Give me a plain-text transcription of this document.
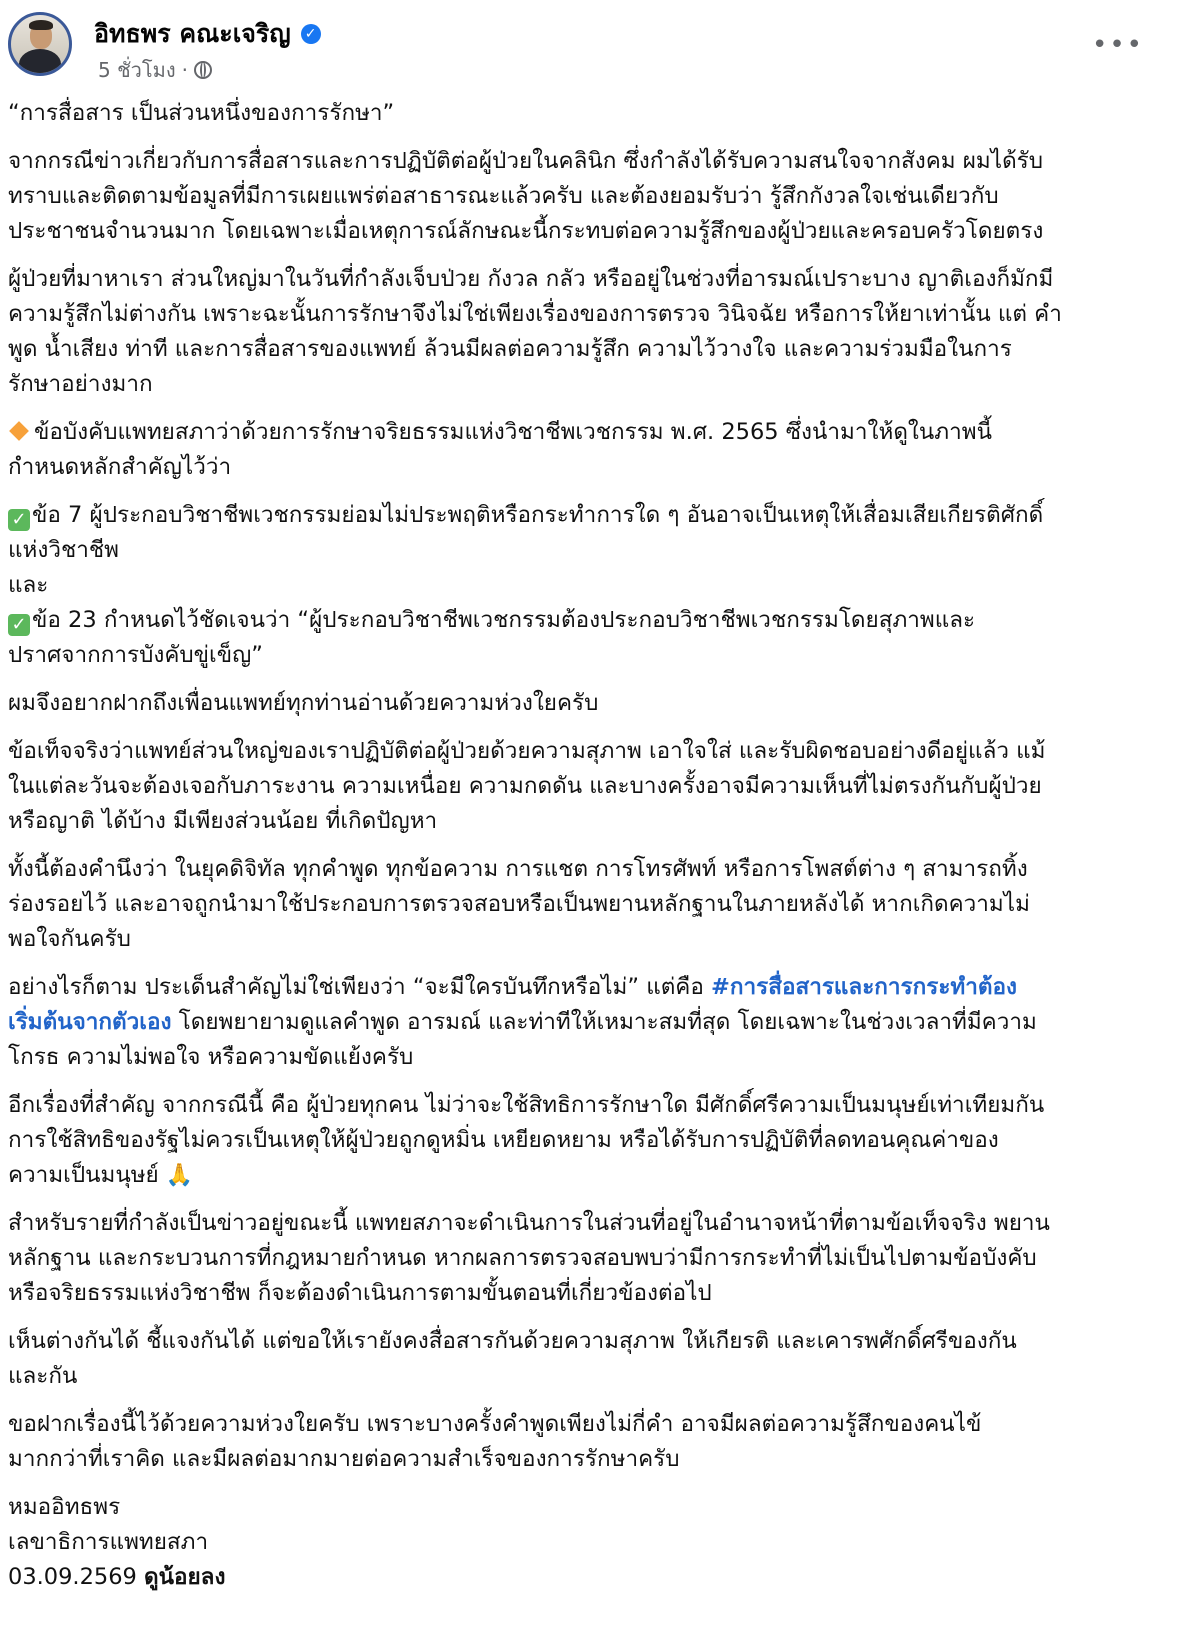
อิทธพร คณะเจริญ ✓
5 ชั่วโมง ·
•••

“การสื่อสาร เป็นส่วนหนึ่งของการรักษา”

จากกรณีข่าวเกี่ยวกับการสื่อสารและการปฏิบัติต่อผู้ป่วยในคลินิก ซึ่งกำลังได้รับความสนใจจากสังคม ผมได้รับ
ทราบและติดตามข้อมูลที่มีการเผยแพร่ต่อสาธารณะแล้วครับ และต้องยอมรับว่า รู้สึกกังวลใจเช่นเดียวกับ
ประชาชนจำนวนมาก โดยเฉพาะเมื่อเหตุการณ์ลักษณะนี้กระทบต่อความรู้สึกของผู้ป่วยและครอบครัวโดยตรง

ผู้ป่วยที่มาหาเรา ส่วนใหญ่มาในวันที่กำลังเจ็บป่วย กังวล กลัว หรืออยู่ในช่วงที่อารมณ์เปราะบาง ญาติเองก็มักมี
ความรู้สึกไม่ต่างกัน เพราะฉะนั้นการรักษาจึงไม่ใช่เพียงเรื่องของการตรวจ วินิจฉัย หรือการให้ยาเท่านั้น แต่ คำ
พูด น้ำเสียง ท่าที และการสื่อสารของแพทย์ ล้วนมีผลต่อความรู้สึก ความไว้วางใจ และความร่วมมือในการ
รักษาอย่างมาก

ข้อบังคับแพทยสภาว่าด้วยการรักษาจริยธรรมแห่งวิชาชีพเวชกรรม พ.ศ. 2565 ซึ่งนำมาให้ดูในภาพนี้
กำหนดหลักสำคัญไว้ว่า

✓ ข้อ 7 ผู้ประกอบวิชาชีพเวชกรรมย่อมไม่ประพฤติหรือกระทำการใด ๆ อันอาจเป็นเหตุให้เสื่อมเสียเกียรติศักดิ์
แห่งวิชาชีพ
และ
✓ ข้อ 23 กำหนดไว้ชัดเจนว่า “ผู้ประกอบวิชาชีพเวชกรรมต้องประกอบวิชาชีพเวชกรรมโดยสุภาพและ
ปราศจากการบังคับขู่เข็ญ”

ผมจึงอยากฝากถึงเพื่อนแพทย์ทุกท่านอ่านด้วยความห่วงใยครับ

ข้อเท็จจริงว่าแพทย์ส่วนใหญ่ของเราปฏิบัติต่อผู้ป่วยด้วยความสุภาพ เอาใจใส่ และรับผิดชอบอย่างดีอยู่แล้ว แม้
ในแต่ละวันจะต้องเจอกับภาระงาน ความเหนื่อย ความกดดัน และบางครั้งอาจมีความเห็นที่ไม่ตรงกันกับผู้ป่วย
หรือญาติ ได้บ้าง มีเพียงส่วนน้อย ที่เกิดปัญหา

ทั้งนี้ต้องคำนึงว่า ในยุคดิจิทัล ทุกคำพูด ทุกข้อความ การแชต การโทรศัพท์ หรือการโพสต์ต่าง ๆ สามารถทิ้ง
ร่องรอยไว้ และอาจถูกนำมาใช้ประกอบการตรวจสอบหรือเป็นพยานหลักฐานในภายหลังได้ หากเกิดความไม่
พอใจกันครับ

อย่างไรก็ตาม ประเด็นสำคัญไม่ใช่เพียงว่า “จะมีใครบันทึกหรือไม่” แต่คือ #การสื่อสารและการกระทำต้อง
เริ่มต้นจากตัวเอง โดยพยายามดูแลคำพูด อารมณ์ และท่าทีให้เหมาะสมที่สุด โดยเฉพาะในช่วงเวลาที่มีความ
โกรธ ความไม่พอใจ หรือความขัดแย้งครับ

อีกเรื่องที่สำคัญ จากกรณีนี้ คือ ผู้ป่วยทุกคน ไม่ว่าจะใช้สิทธิการรักษาใด มีศักดิ์ศรีความเป็นมนุษย์เท่าเทียมกัน
การใช้สิทธิของรัฐไม่ควรเป็นเหตุให้ผู้ป่วยถูกดูหมิ่น เหยียดหยาม หรือได้รับการปฏิบัติที่ลดทอนคุณค่าของ
ความเป็นมนุษย์ 🙏

สำหรับรายที่กำลังเป็นข่าวอยู่ขณะนี้ แพทยสภาจะดำเนินการในส่วนที่อยู่ในอำนาจหน้าที่ตามข้อเท็จจริง พยาน
หลักฐาน และกระบวนการที่กฎหมายกำหนด หากผลการตรวจสอบพบว่ามีการกระทำที่ไม่เป็นไปตามข้อบังคับ
หรือจริยธรรมแห่งวิชาชีพ ก็จะต้องดำเนินการตามขั้นตอนที่เกี่ยวข้องต่อไป

เห็นต่างกันได้ ชี้แจงกันได้ แต่ขอให้เรายังคงสื่อสารกันด้วยความสุภาพ ให้เกียรติ และเคารพศักดิ์ศรีของกัน
และกัน

ขอฝากเรื่องนี้ไว้ด้วยความห่วงใยครับ เพราะบางครั้งคำพูดเพียงไม่กี่คำ อาจมีผลต่อความรู้สึกของคนไข้
มากกว่าที่เราคิด และมีผลต่อมากมายต่อความสำเร็จของการรักษาครับ

หมออิทธพร
เลขาธิการแพทยสภา
03.09.2569 ดูน้อยลง
